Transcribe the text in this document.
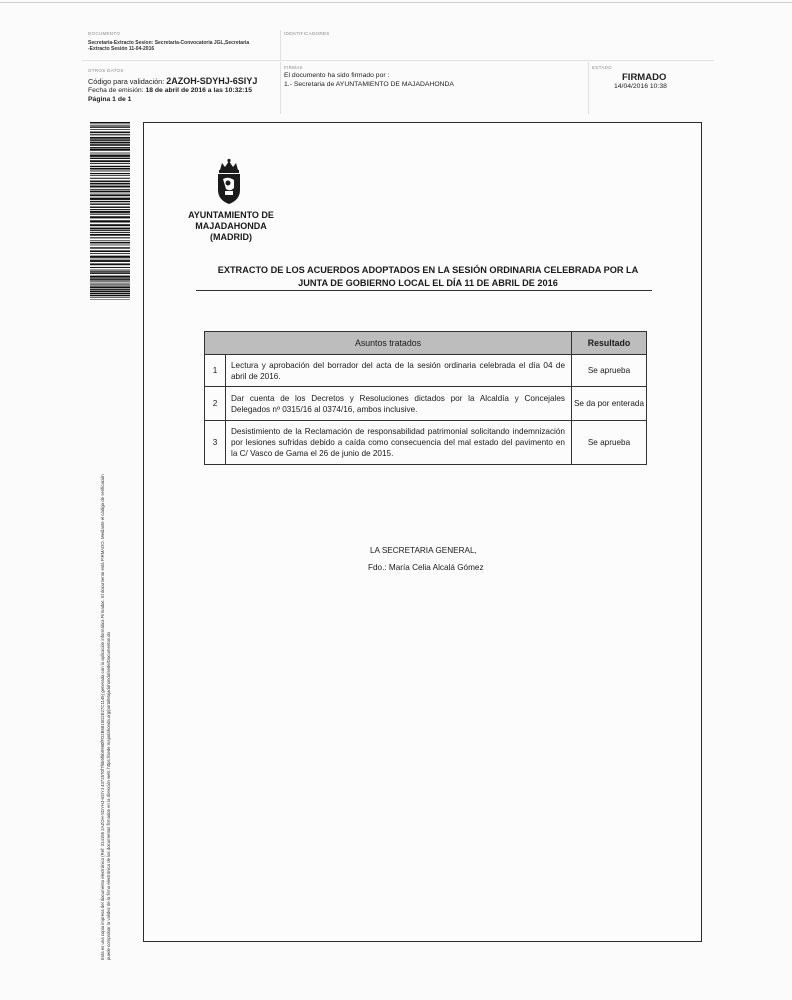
DOCUMENTO
Secretaria-Extracto Sesion: Secretaria-Convocatoria JGL,Secretaria
-Extracto Sesión 11-04-2016
IDENTIFICADORES
OTROS DATOS
Código para validación: 2AZOH-SDYHJ-6SIYJ
Fecha de emisión: 18 de abril de 2016 a las 10:32:15
Página 1 de 1
FIRMAS
El documento ha sido firmado por :
1.- Secretaria de AYUNTAMIENTO DE MAJADAHONDA
ESTADO
FIRMADO
14/04/2016 10:38
Esta es una copia impresa del documento electrónico (Ref: 314155 2AZOH-SDYHJ-6SIYJ 4372570f7f6b5f6b9960fFD2B5815D2E27C1145) generada con la aplicación informática Firmadoc. El documento está FIRMADO. Mediante el código de verificación puede comprobar la validez de la firma electrónica de los documentos firmados en la dirección web: https://sede.majadahonda.org/portalMajadahonda/sede/Documentos.do
AYUNTAMIENTO DE
MAJADAHONDA
(MADRID)
EXTRACTO DE LOS ACUERDOS ADOPTADOS EN LA SESIÓN ORDINARIA CELEBRADA POR LA
JUNTA DE GOBIERNO LOCAL EL DÍA 11 DE ABRIL DE 2016
Asuntos tratados		Resultado
1	Lectura y aprobación del borrador del acta de la sesión ordinaria celebrada el día 04 de abril de 2016.	Se aprueba
2	Dar cuenta de los Decretos y Resoluciones dictados por la Alcaldía y Concejales Delegados nº 0315/16 al 0374/16, ambos inclusive.	Se da por enterada
3	Desistimiento de la Reclamación de responsabilidad patrimonial solicitando indemnización por lesiones sufridas debido a caída como consecuencia del mal estado del pavimento en la C/ Vasco de Gama el 26 de junio de 2015.	Se aprueba
LA SECRETARIA GENERAL,
Fdo.: María Celia Alcalá Gómez
